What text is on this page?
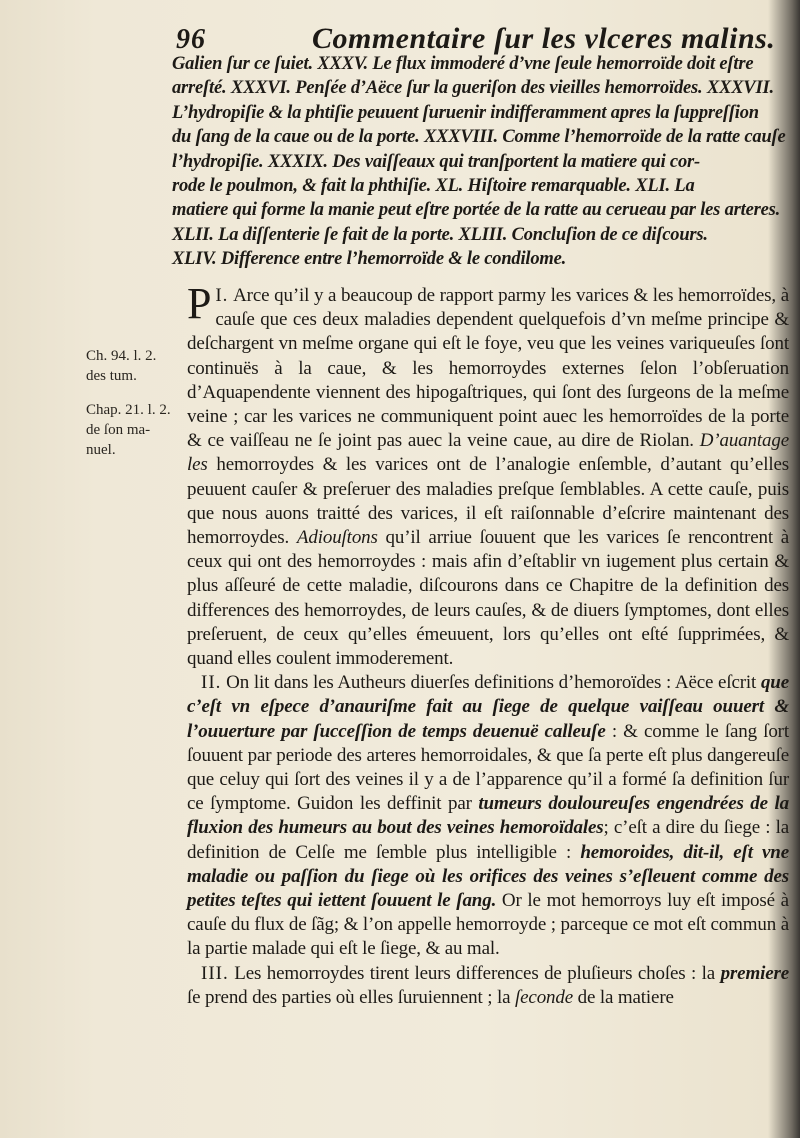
96	Commentaire ſur les vlceres malins.
Galien ſur ce ſuiet. XXXV. Le flux immoderé d’vne ſeule hemorroïde doit eſtre
arreſté. XXXVI. Penſée d’Aëce ſur la gueriſon des vieilles hemorroïdes. XXXVII.
L’hydropiſie & la phtiſie peuuent ſuruenir indifferamment apres la ſuppreſſion
du ſang de la caue ou de la porte. XXXVIII. Comme l’hemorroïde de la ratte cauſe
l’hydropiſie. XXXIX. Des vaiſſeaux qui tranſportent la matiere qui cor-
rode le poulmon, & fait la phthiſie. XL. Hiſtoire remarquable. XLI. La
matiere qui forme la manie peut eſtre portée de la ratte au cerueau par les arteres.
XLII. La diſſenterie ſe fait de la porte. XLIII. Concluſion de ce diſcours.
XLIV. Difference entre l’hemorroïde & le condilome.
Ch. 94. l. 2. des tum.
Chap. 21. l. 2. de ſon ma-nuel.

I.
P Arce qu’il y a beaucoup de rapport parmy les varices & les hemorroïdes, à cauſe que ces deux maladies dependent quelquefois d’vn meſme principe & deſchargent vn meſme organe qui eſt le foye, veu que les veines variqueuſes ſont continuës à la caue, & les hemorroydes externes ſelon l’obſeruation d’Aquapendente viennent des hipogaſtriques, qui ſont des ſurgeons de la meſme veine ; car les varices ne communiquent point auec les hemorroïdes de la porte & ce vaiſſeau ne ſe joint pas auec la veine caue, au dire de Riolan. D’auantage les hemorroydes & les varices ont de l’analogie enſemble, d’autant qu’elles peuuent cauſer & preſeruer des maladies preſque ſemblables. A cette cauſe, puis que nous auons traitté des varices, il eſt raiſonnable d’eſcrire maintenant des hemorroydes. Adiouſtons qu’il arriue ſouuent que les varices ſe rencontrent à ceux qui ont des hemorroydes : mais afin d’eſtablir vn iugement plus certain & plus aſſeuré de cette maladie, diſcourons dans ce Chapitre de la definition des differences des hemorroydes, de leurs cauſes, & de diuers ſymptomes, dont elles preſeruent, de ceux qu’elles émeuuent, lors qu’elles ont eſté ſupprimées, & quand elles coulent immoderement.

II. On lit dans les Autheurs diuerſes definitions d’hemoroïdes : Aëce eſcrit que c’eſt vn eſpece d’anauriſme fait au ſiege de quelque vaiſſeau ouuert & l’ouuerture par ſucceſſion de temps deuenuë calleuſe : & comme le ſang ſort ſouuent par periode des arteres hemorroidales, & que ſa perte eſt plus dangereuſe que celuy qui ſort des veines il y a de l’apparence qu’il a formé ſa definition ſur ce ſymptome. Guidon les deffinit par tumeurs douloureuſes engendrées de la fluxion des humeurs au bout des veines hemoroïdales; c’eſt a dire du ſiege : la definition de Celſe me ſemble plus intelligible : hemoroides, dit-il, eſt vne maladie ou paſſion du ſiege où les orifices des veines s’eſleuent comme des petites teſtes qui iettent ſouuent le ſang. Or le mot hemorroys luy eſt imposé à cauſe du flux de ſãg; & l’on appelle hemorroyde ; parceque ce mot eſt commun à la partie malade qui eſt le ſiege, & au mal.

III. Les hemorroydes tirent leurs differences de pluſieurs choſes : la premiere ſe prend des parties où elles ſuruiennent ; la ſeconde de la matiere
